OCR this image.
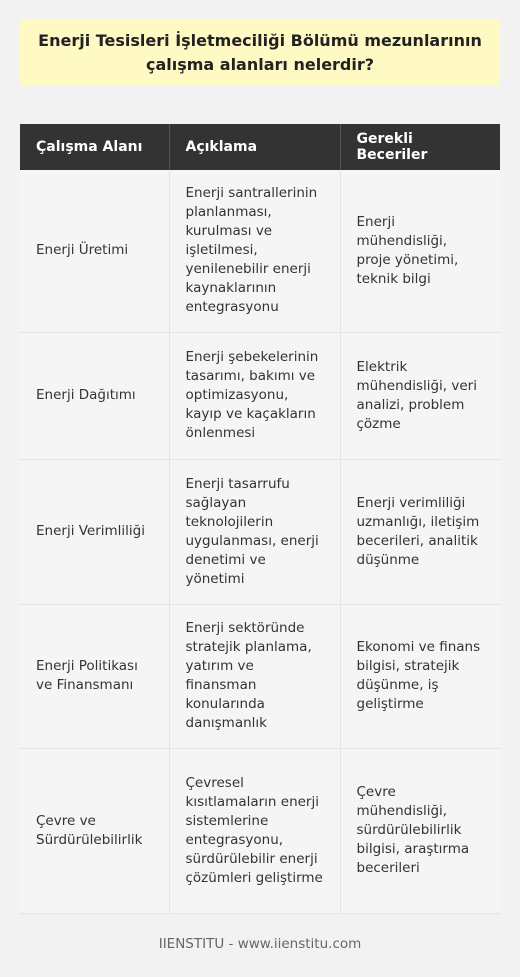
Enerji Tesisleri İşletmeciliği Bölümü mezunlarının çalışma alanları nelerdir?
Çalışma Alanı	Açıklama	Gerekli Beceriler
Enerji Üretimi	Enerji santrallerinin planlanması, kurulması ve işletilmesi, yenilenebilir enerji kaynaklarının entegrasyonu	Enerji mühendisliği, proje yönetimi, teknik bilgi
Enerji Dağıtımı	Enerji şebekelerinin tasarımı, bakımı ve optimizasyonu, kayıp ve kaçakların önlenmesi	Elektrik mühendisliği, veri analizi, problem çözme
Enerji Verimliliği	Enerji tasarrufu sağlayan teknolojilerin uygulanması, enerji denetimi ve yönetimi	Enerji verimliliği uzmanlığı, iletişim becerileri, analitik düşünme
Enerji Politikası ve Finansmanı	Enerji sektöründe stratejik planlama, yatırım ve finansman konularında danışmanlık	Ekonomi ve finans bilgisi, stratejik düşünme, iş geliştirme
Çevre ve Sürdürülebilirlik	Çevresel kısıtlamaların enerji sistemlerine entegrasyonu, sürdürülebilir enerji çözümleri geliştirme	Çevre mühendisliği, sürdürülebilirlik bilgisi, araştırma becerileri
IIENSTITU - www.iienstitu.com
